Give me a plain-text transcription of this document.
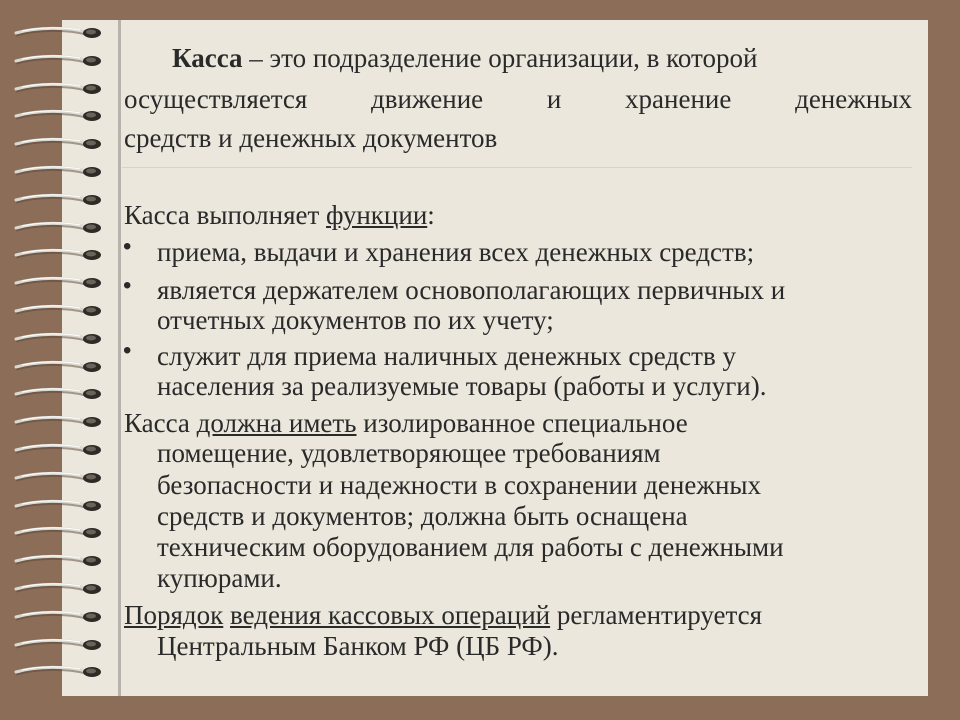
Касса – это подразделение организации, в которой
осуществляется движение и хранение денежных
средств и денежных документов
Касса выполняет функции:
• приема, выдачи и хранения всех денежных средств;
• является держателем основополагающих первичных и
отчетных документов по их учету;
• служит для приема наличных денежных средств у
населения за реализуемые товары (работы и услуги).
Касса должна иметь изолированное специальное
помещение, удовлетворяющее требованиям
безопасности и надежности в сохранении денежных
средств и документов; должна быть оснащена
техническим оборудованием для работы с денежными
купюрами.
Порядок ведения кассовых операций регламентируется
Центральным Банком РФ (ЦБ РФ).
